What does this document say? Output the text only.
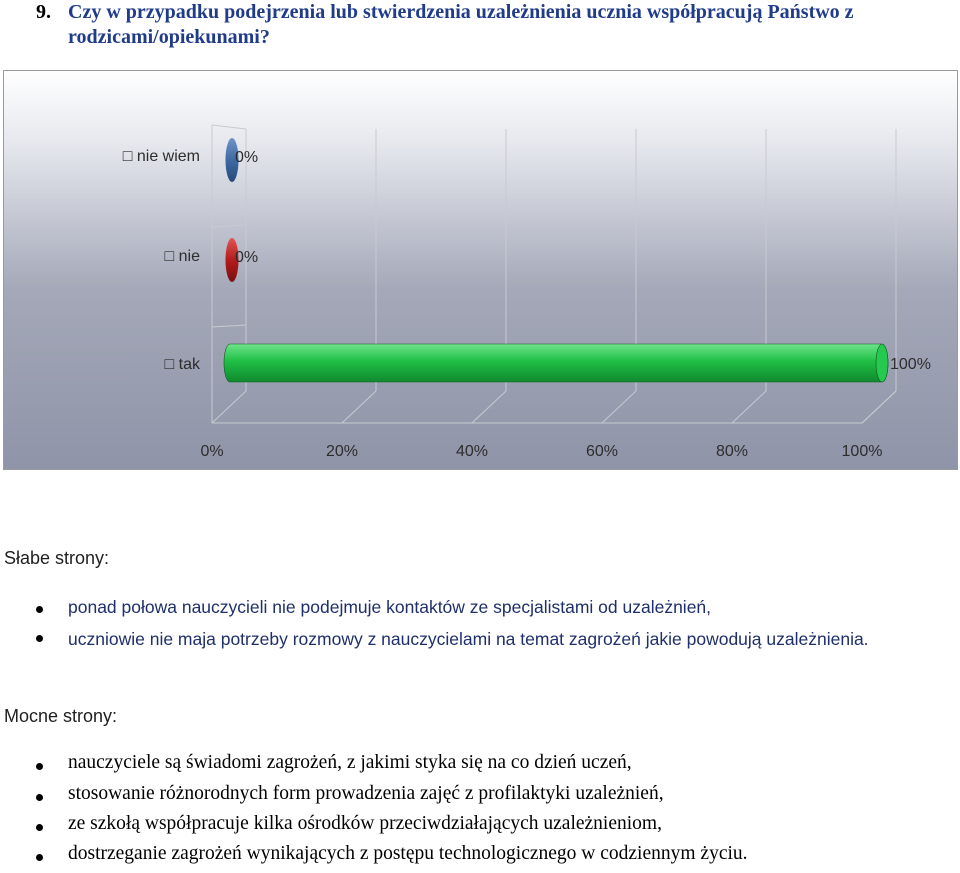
9. Czy w przypadku podejrzenia lub stwierdzenia uzależnienia ucznia współpracują Państwo z rodzicami/opiekunami?
□ nie wiem 0%
□ nie 0%
□ tak	100%
0%	20%	40%	60%	80%	100%
Słabe strony:
ponad połowa nauczycieli nie podejmuje kontaktów ze specjalistami od uzależnień,
uczniowie nie maja potrzeby rozmowy z nauczycielami na temat zagrożeń jakie powodują uzależnienia.
Mocne strony:
nauczyciele są świadomi zagrożeń, z jakimi styka się na co dzień uczeń,
stosowanie różnorodnych form prowadzenia zajęć z profilaktyki uzależnień,
ze szkołą współpracuje kilka ośrodków przeciwdziałających uzależnieniom,
dostrzeganie zagrożeń wynikających z postępu technologicznego w codziennym życiu.
